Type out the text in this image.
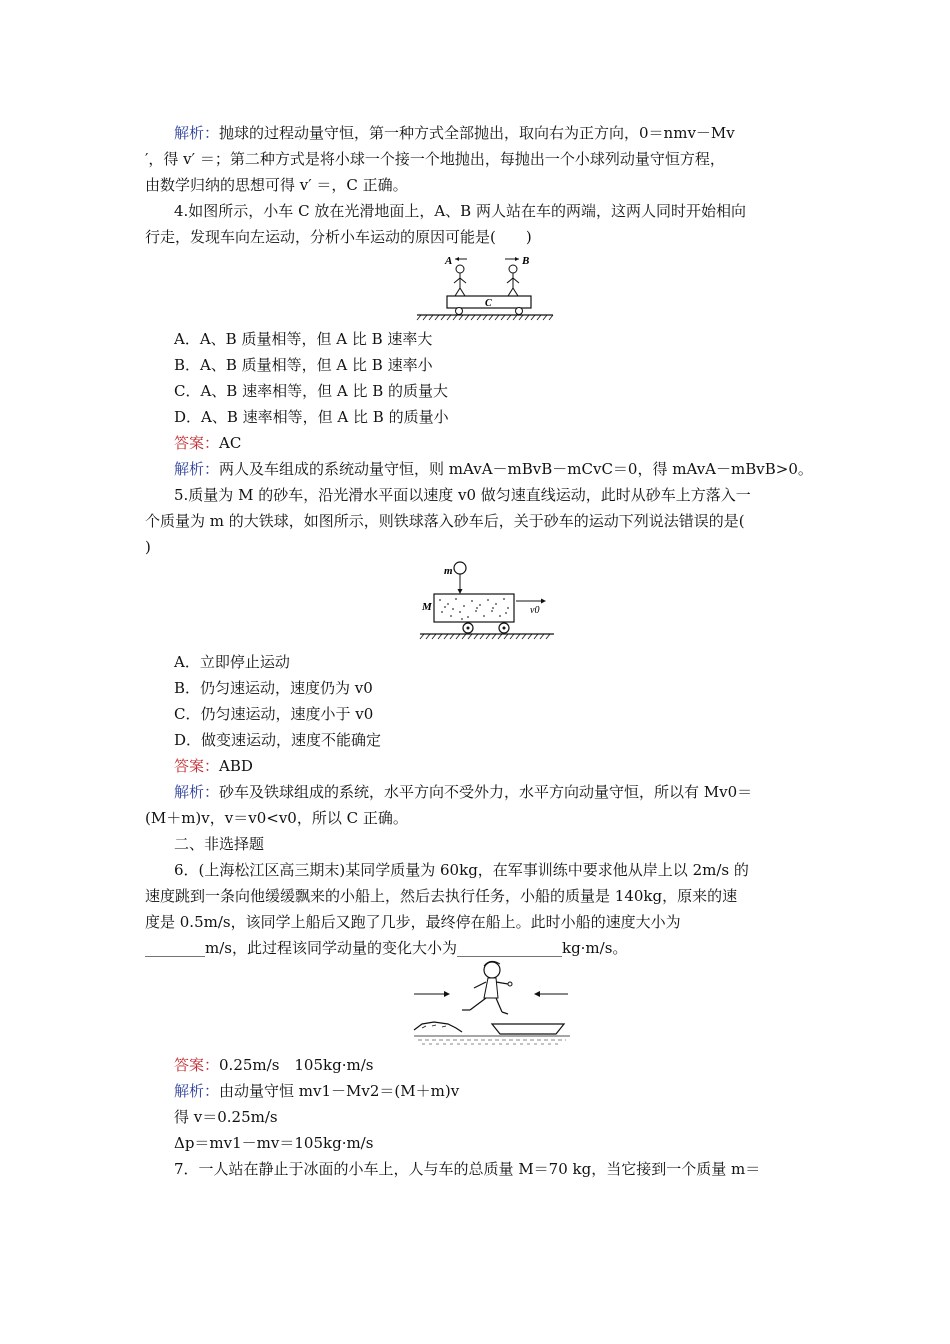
解析：抛球的过程动量守恒，第一种方式全部抛出，取向右为正方向，0＝nmv－Mv
′，得 v′ ＝；第二种方式是将小球一个接一个地抛出，每抛出一个小球列动量守恒方程，
由数学归纳的思想可得 v′ ＝，C 正确。
4.如图所示，小车 C 放在光滑地面上，A、B 两人站在车的两端，这两人同时开始相向
行走，发现车向左运动，分析小车运动的原因可能是(　　)
A	B
C
A．A、B 质量相等，但 A 比 B 速率大
B．A、B 质量相等，但 A 比 B 速率小
C．A、B 速率相等，但 A 比 B 的质量大
D．A、B 速率相等，但 A 比 B 的质量小
答案：AC
解析：两人及车组成的系统动量守恒，则 mAvA－mBvB－mCvC＝0，得 mAvA－mBvB>0。
5.质量为 M 的砂车，沿光滑水平面以速度 v0 做匀速直线运动，此时从砂车上方落入一
个质量为 m 的大铁球，如图所示，则铁球落入砂车后，关于砂车的运动下列说法错误的是(
)
m
M	v0
A．立即停止运动
B．仍匀速运动，速度仍为 v0
C．仍匀速运动，速度小于 v0
D．做变速运动，速度不能确定
答案：ABD
解析：砂车及铁球组成的系统，水平方向不受外力，水平方向动量守恒，所以有 Mv0＝
(M＋m)v，v＝v0<v0，所以 C 正确。
二、非选择题
6．(上海松江区高三期末)某同学质量为 60kg，在军事训练中要求他从岸上以 2m/s 的
速度跳到一条向他缓缓飘来的小船上，然后去执行任务，小船的质量是 140kg，原来的速
度是 0.5m/s，该同学上船后又跑了几步，最终停在船上。此时小船的速度大小为
________m/s，此过程该同学动量的变化大小为______________kg·m/s。
答案：0.25m/s　105kg·m/s
解析：由动量守恒 mv1－Mv2＝(M＋m)v
得 v＝0.25m/s
Δp＝mv1－mv＝105kg·m/s
7．一人站在静止于冰面的小车上，人与车的总质量 M＝70 kg，当它接到一个质量 m＝
